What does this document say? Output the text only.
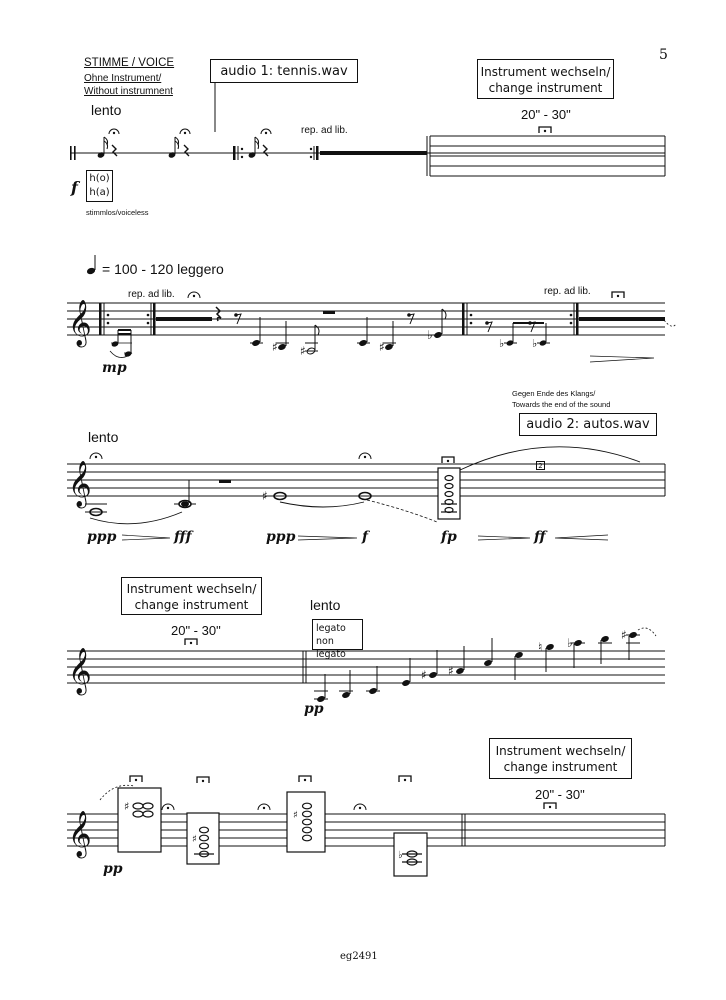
5
eg2491
STIMME / VOICE
Ohne Instrument/
Without instrumnent
lento
audio 1: tennis.wav
rep. ad lib.
Instrument wechseln/
change instrument
20" - 30"
f h(o)
h(a)
stimmlos/voiceless
= 100 - 120 leggero
rep. ad lib.	rep. ad lib.
mp
𝄞
♯ ♯	♯
♭
♭	♭
lento
Gegen Ende des Klangs/
Towards the end of the sound
audio 2: autos.wav
2
ppp	fff	ppp	f	fp	ff
𝄞	♯
Instrument wechseln/
change instrument
20" - 30"
lento
legato
non legato
pp
𝄞	♯ ♯
♮ ♭
♯
Instrument wechseln/
change instrument
20" - 30"
pp
𝄞
♯
♯
♯
♭
